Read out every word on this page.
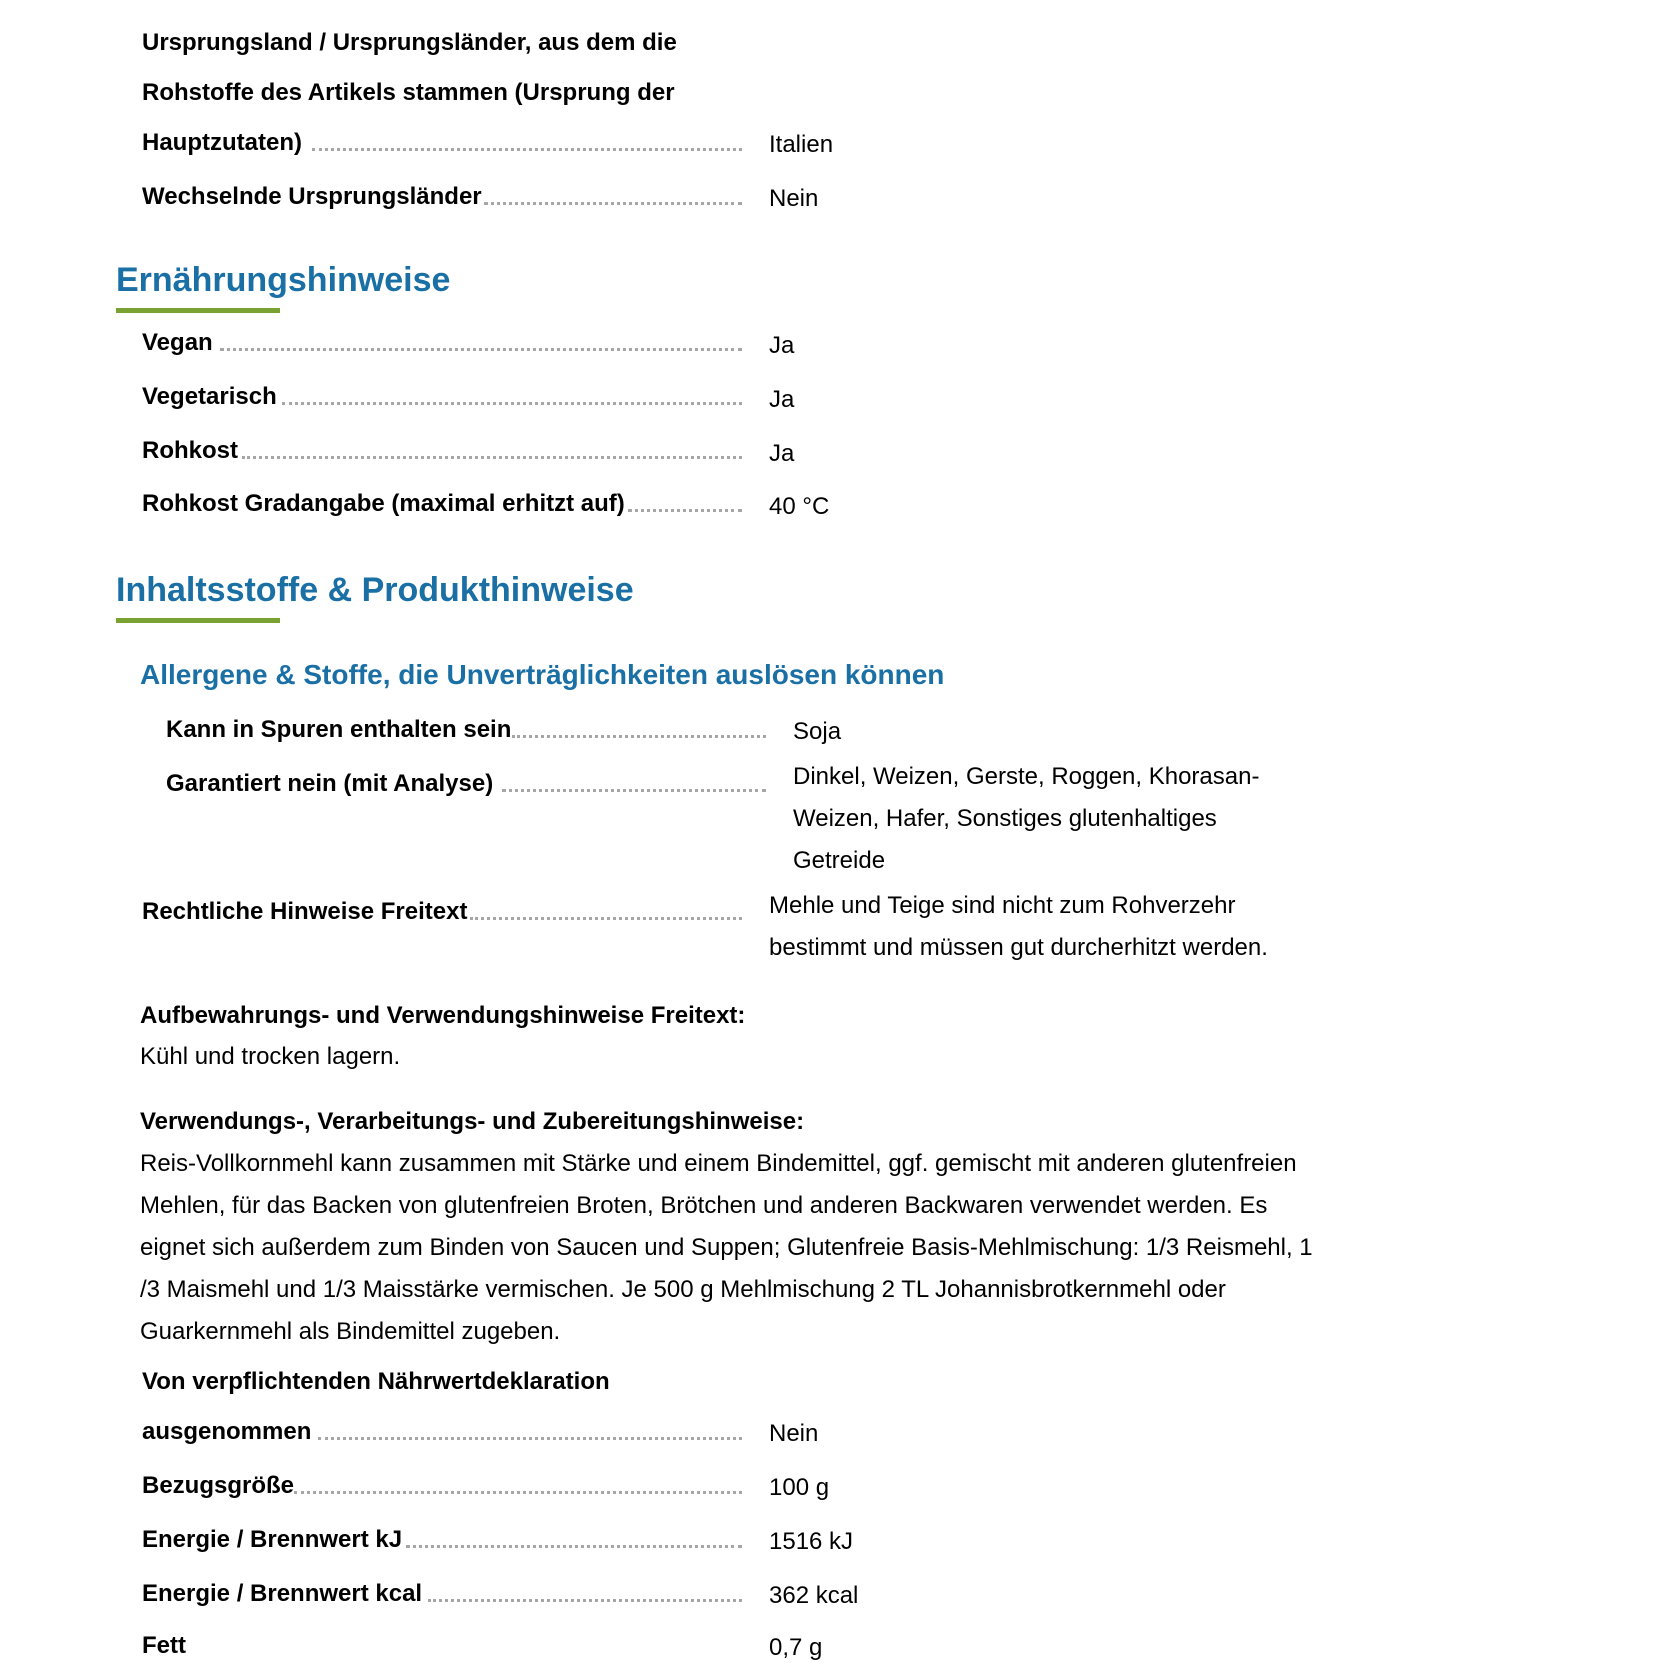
Ursprungsland / Ursprungsländer, aus dem die
Rohstoffe des Artikels stammen (Ursprung der
Hauptzutaten)	Italien
Wechselnde Ursprungsländer	Nein
Ernährungshinweise
Vegan	Ja
Vegetarisch	Ja
Rohkost	Ja
Rohkost Gradangabe (maximal erhitzt auf)	40 °C
Inhaltsstoffe & Produkthinweise
Allergene & Stoffe, die Unverträglichkeiten auslösen können
Kann in Spuren enthalten sein	Soja
Garantiert nein (mit Analyse)	Dinkel, Weizen, Gerste, Roggen, Khorasan-
Weizen, Hafer, Sonstiges glutenhaltiges
Getreide
Rechtliche Hinweise Freitext	Mehle und Teige sind nicht zum Rohverzehr
bestimmt und müssen gut durcherhitzt werden.
Aufbewahrungs- und Verwendungshinweise Freitext:
Kühl und trocken lagern.
Verwendungs-, Verarbeitungs- und Zubereitungshinweise:
Reis-Vollkornmehl kann zusammen mit Stärke und einem Bindemittel, ggf. gemischt mit anderen glutenfreien
Mehlen, für das Backen von glutenfreien Broten, Brötchen und anderen Backwaren verwendet werden. Es
eignet sich außerdem zum Binden von Saucen und Suppen; Glutenfreie Basis-Mehlmischung: 1/3 Reismehl, 1
/3 Maismehl und 1/3 Maisstärke vermischen. Je 500 g Mehlmischung 2 TL Johannisbrotkernmehl oder
Guarkernmehl als Bindemittel zugeben.
Von verpflichtenden Nährwertdeklaration
ausgenommen	Nein
Bezugsgröße	100 g
Energie / Brennwert kJ	1516 kJ
Energie / Brennwert kcal	362 kcal
Fett	0,7 g
